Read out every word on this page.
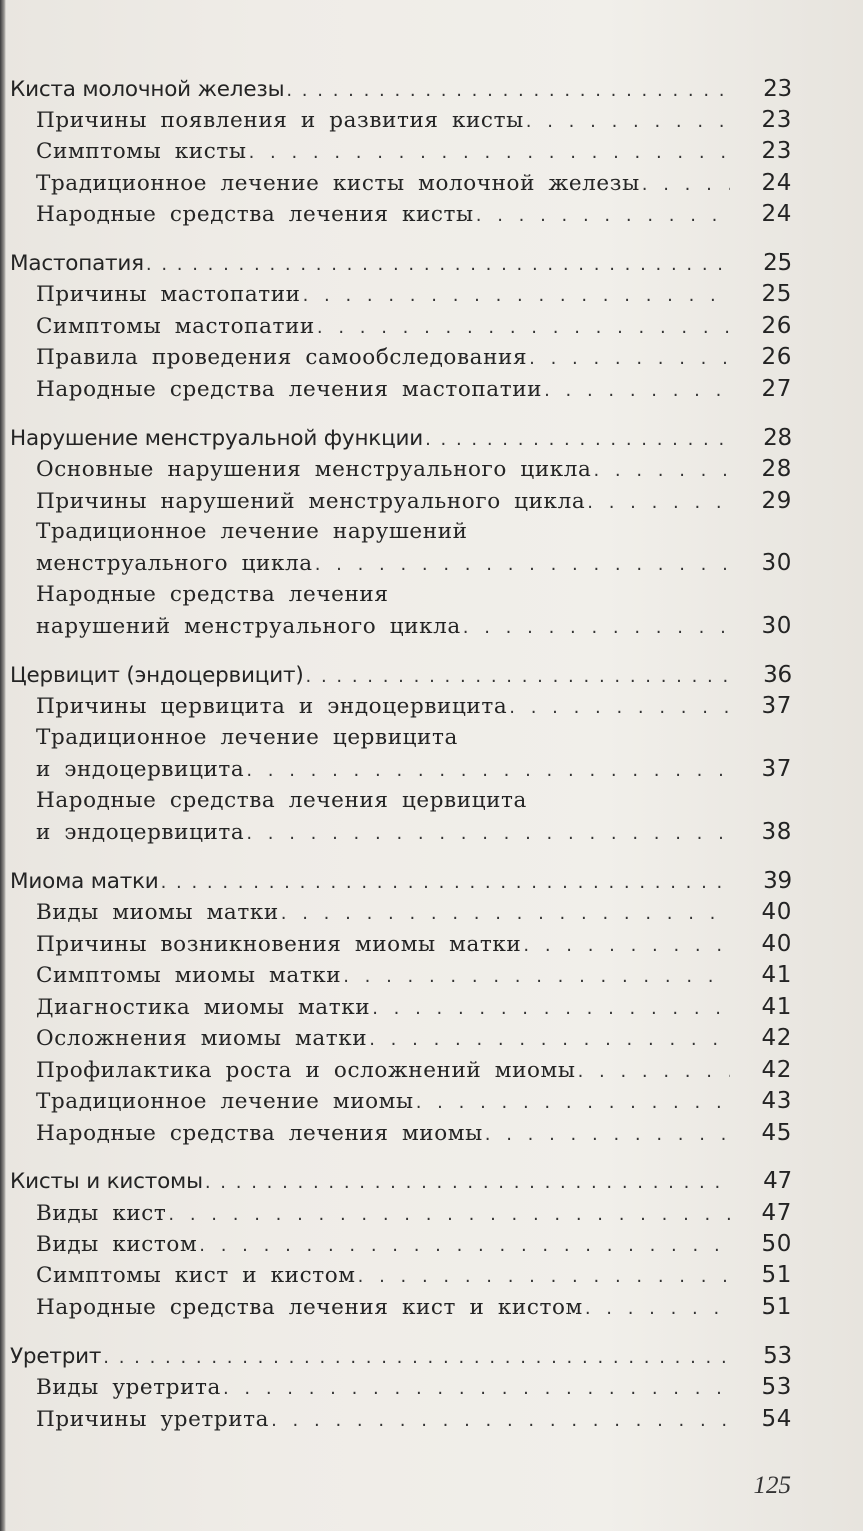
Киста молочной железы . . .	23
Причины появления и развития кисты . . .	23
Симптомы кисты . . .	23
Традиционное лечение кисты молочной железы . . .	24
Народные средства лечения кисты . . .	24
Мастопатия . . .	25
Причины мастопатии . . .	25
Симптомы мастопатии . . .	26
Правила проведения самообследования . . .	26
Народные средства лечения мастопатии . . .	27
Нарушение менструальной функции . . .	28
Основные нарушения менструального цикла . . .	28
Причины нарушений менструального цикла . . .	29
Традиционное лечение нарушений
менструального цикла . . .	30
Народные средства лечения
нарушений менструального цикла . . .	30
Цервицит (эндоцервицит) . . .	36
Причины цервицита и эндоцервицита . . .	37
Традиционное лечение цервицита
и эндоцервицита . . .	37
Народные средства лечения цервицита
и эндоцервицита . . .	38
Миома матки . . .	39
Виды миомы матки . . .	40
Причины возникновения миомы матки . . .	40
Симптомы миомы матки . . .	41
Диагностика миомы матки . . .	41
Осложнения миомы матки . . .	42
Профилактика роста и осложнений миомы . . .	42
Традиционное лечение миомы . . .	43
Народные средства лечения миомы . . .	45
Кисты и кистомы . . .	47
Виды кист . . .	47
Виды кистом . . .	50
Симптомы кист и кистом . . .	51
Народные средства лечения кист и кистом . . .	51
Уретрит . . .	53
Виды уретрита . . .	53
Причины уретрита . . .	54
125
